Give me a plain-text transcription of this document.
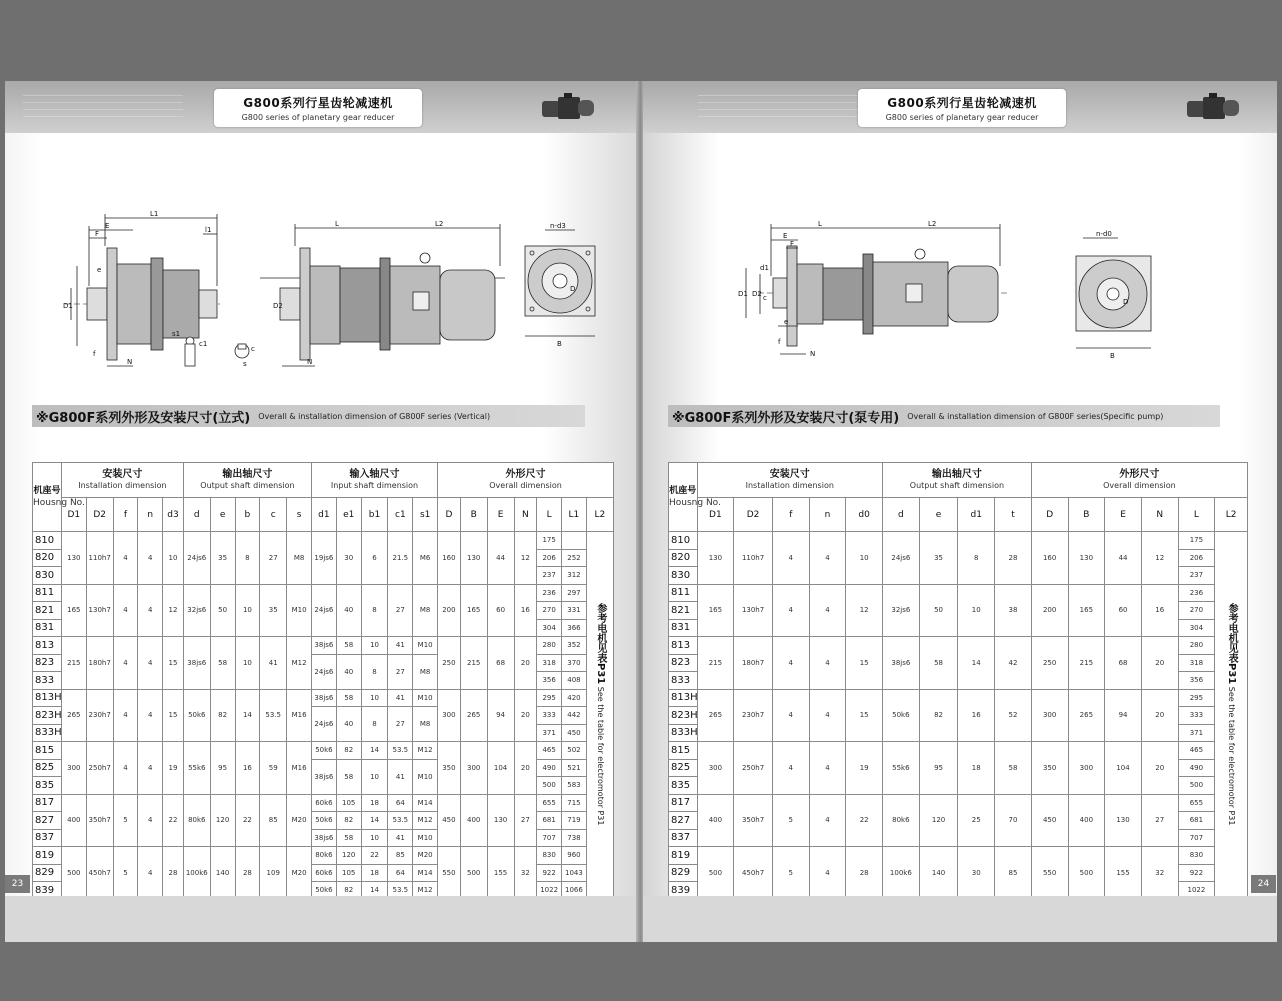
G800系列行星齿轮减速机
G800 series of planetary gear reducer
L1
E
F
e
D1
l1
N
f
s1
c1
c
s
L	L2
D2
N
n-d3
D
B
※G800F系列外形及安装尺寸(立式) Overall & installation dimension of G800F series (Vertical)
机座号
Housng No.	安装尺寸
Installation dimension					输出轴尺寸
Output shaft dimension					输入轴尺寸
Input shaft dimension					外形尺寸
Overall dimension						

	D1	D2	f	n	d3	d	e	b	c	s	d1	e1	b1	c1	s1	D	B	E	N	L	L1	L2
810	130	110h7	4	4	10	24js6	35	8	27	M8	19js6	30	6	21.5	M6	160	130	44	12	175		参考电机见表P31 See the table for electromotor P31
820																				206	252	
830																				237	312	
811	165	130h7	4	4	12	32js6	50	10	35	M10	24js6	40	8	27	M8	200	165	60	16	236	297	
821																				270	331	
831																				304	366	
813	215	180h7	4	4	15	38js6	58	10	41	M12	38js6	58	10	41	M10	250	215	68	20	280	352	
823											24js6	40	8	27	M8					318	370	
833																				356	408	
813H	265	230h7	4	4	15	50k6	82	14	53.5	M16	38js6	58	10	41	M10	300	265	94	20	295	420	
823H											24js6	40	8	27	M8					333	442	
833H																				371	450	
815	300	250h7	4	4	19	55k6	95	16	59	M16	50k6	82	14	53.5	M12	350	300	104	20	465	502	
825											38js6	58	10	41	M10					490	521	
835																				500	583	
817	400	350h7	5	4	22	80k6	120	22	85	M20	60k6	105	18	64	M14	450	400	130	27	655	715	
827											50k6	82	14	53.5	M12					681	719	
837											38js6	58	10	41	M10					707	738	
819	500	450h7	5	4	28	100k6	140	28	109	M20	80k6	120	22	85	M20	550	500	155	32	830	960	
829											60k6	105	18	64	M14					922	1043	
839											50k6	82	14	53.5	M12					1022	1066	
23
G800系列行星齿轮减速机
G800 series of planetary gear reducer
L	L2
E
F
d1
D1 D2 c
e
f
N
n-d0
D
B
※G800F系列外形及安装尺寸(泵专用) Overall & installation dimension of G800F series(Specific pump)
机座号
Housng No.	安装尺寸
Installation dimension					输出轴尺寸
Output shaft dimension				外形尺寸
Overall dimension					

	D1	D2	f	n	d0	d	e	d1	t	D	B	E	N	L	L2
810	130	110h7	4	4	10	24js6	35	8	28	160	130	44	12	175	参考电机见表P31 See the table for electromotor P31
820														206	
830														237	
811	165	130h7	4	4	12	32js6	50	10	38	200	165	60	16	236	
821														270	
831														304	
813	215	180h7	4	4	15	38js6	58	14	42	250	215	68	20	280	
823														318	
833														356	
813H	265	230h7	4	4	15	50k6	82	16	52	300	265	94	20	295	
823H														333	
833H														371	
815	300	250h7	4	4	19	55k6	95	18	58	350	300	104	20	465	
825														490	
835														500	
817	400	350h7	5	4	22	80k6	120	25	70	450	400	130	27	655	
827														681	
837														707	
819	500	450h7	5	4	28	100k6	140	30	85	550	500	155	32	830	
829														922	
839														1022	
24
